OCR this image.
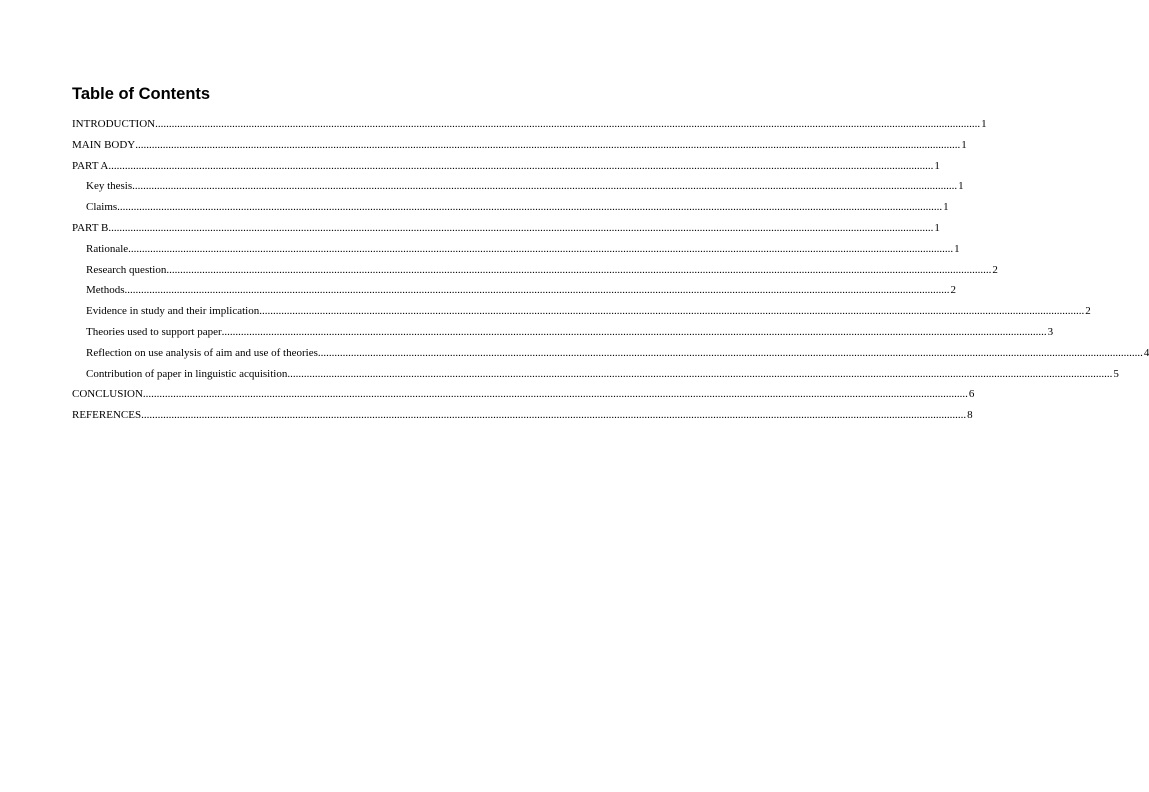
Table of Contents
INTRODUCTION ............................................................................................................................................................................................................................................................................................................ 1
MAIN BODY ............................................................................................................................................................................................................................................................................................................ 1
PART A ............................................................................................................................................................................................................................................................................................................ 1
Key thesis ............................................................................................................................................................................................................................................................................................................ 1
Claims ............................................................................................................................................................................................................................................................................................................ 1
PART B ............................................................................................................................................................................................................................................................................................................ 1
Rationale ............................................................................................................................................................................................................................................................................................................ 1
Research question ............................................................................................................................................................................................................................................................................................................ 2
Methods ............................................................................................................................................................................................................................................................................................................ 2
Evidence in study and their implication ............................................................................................................................................................................................................................................................................................................ 2
Theories used to support paper ............................................................................................................................................................................................................................................................................................................ 3
Reflection on use analysis of aim and use of theories ............................................................................................................................................................................................................................................................................................................ 4
Contribution of paper in linguistic acquisition ............................................................................................................................................................................................................................................................................................................ 5
CONCLUSION ............................................................................................................................................................................................................................................................................................................ 6
REFERENCES ............................................................................................................................................................................................................................................................................................................ 8
